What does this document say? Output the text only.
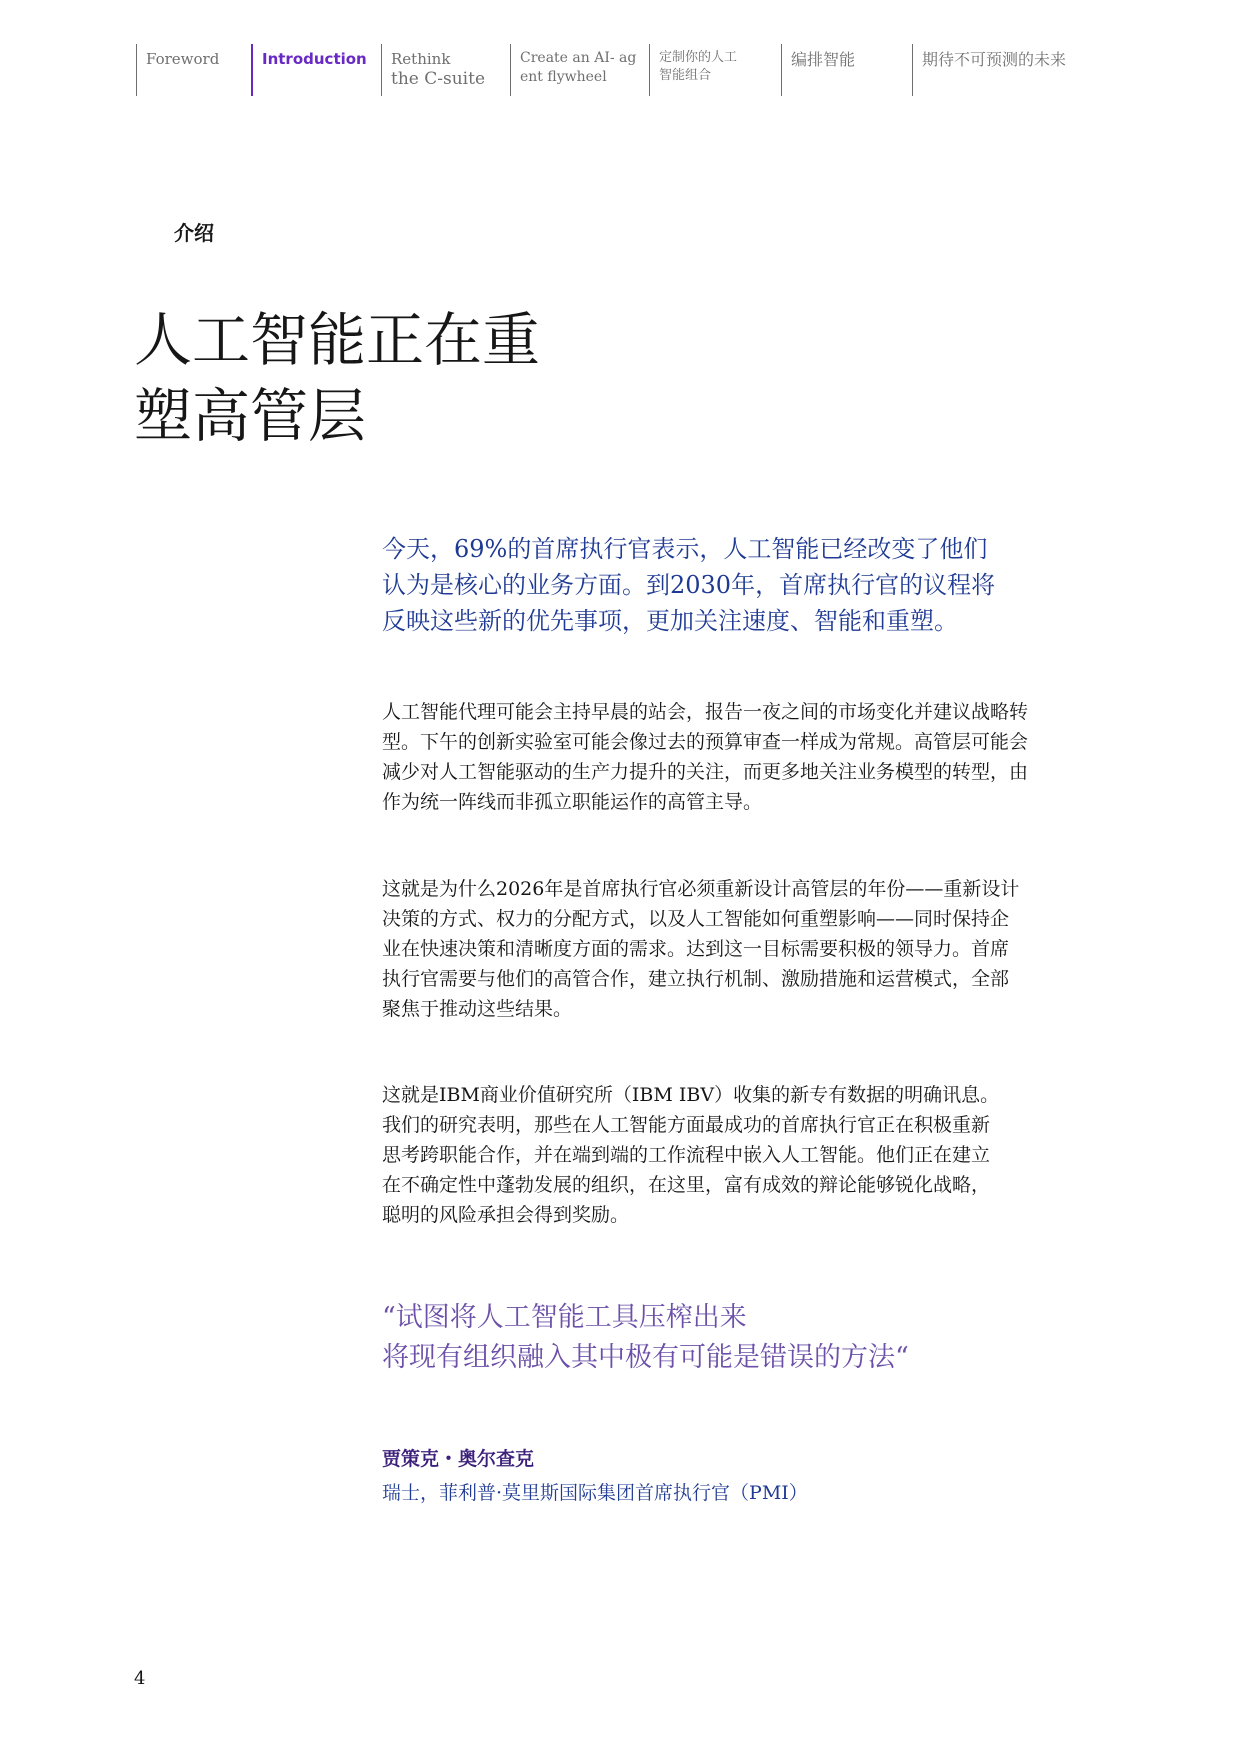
Foreword	Introduction Rethink
the C-suite
Create an AI- ag
ent flywheel
定制你的人工
智能组合
编排智能	期待不可预测的未来
介绍
人工智能正在重
塑高管层
今天，69%的首席执行官表示，人工智能已经改变了他们
认为是核心的业务方面。到2030年，首席执行官的议程将
反映这些新的优先事项，更加关注速度、智能和重塑。
人工智能代理可能会主持早晨的站会，报告一夜之间的市场变化并建议战略转
型。下午的创新实验室可能会像过去的预算审查一样成为常规。高管层可能会
减少对人工智能驱动的生产力提升的关注，而更多地关注业务模型的转型，由
作为统一阵线而非孤立职能运作的高管主导。
这就是为什么2026年是首席执行官必须重新设计高管层的年份——重新设计
决策的方式、权力的分配方式，以及人工智能如何重塑影响——同时保持企
业在快速决策和清晰度方面的需求。达到这一目标需要积极的领导力。首席
执行官需要与他们的高管合作，建立执行机制、激励措施和运营模式，全部
聚焦于推动这些结果。
这就是IBM商业价值研究所（IBM IBV）收集的新专有数据的明确讯息。
我们的研究表明，那些在人工智能方面最成功的首席执行官正在积极重新
思考跨职能合作，并在端到端的工作流程中嵌入人工智能。他们正在建立
在不确定性中蓬勃发展的组织，在这里，富有成效的辩论能够锐化战略，
聪明的风险承担会得到奖励。
“试图将人工智能工具压榨出来
将现有组织融入其中极有可能是错误的方法“
贾策克・奥尔查克
瑞士，菲利普·莫里斯国际集团首席执行官（PMI）
4
